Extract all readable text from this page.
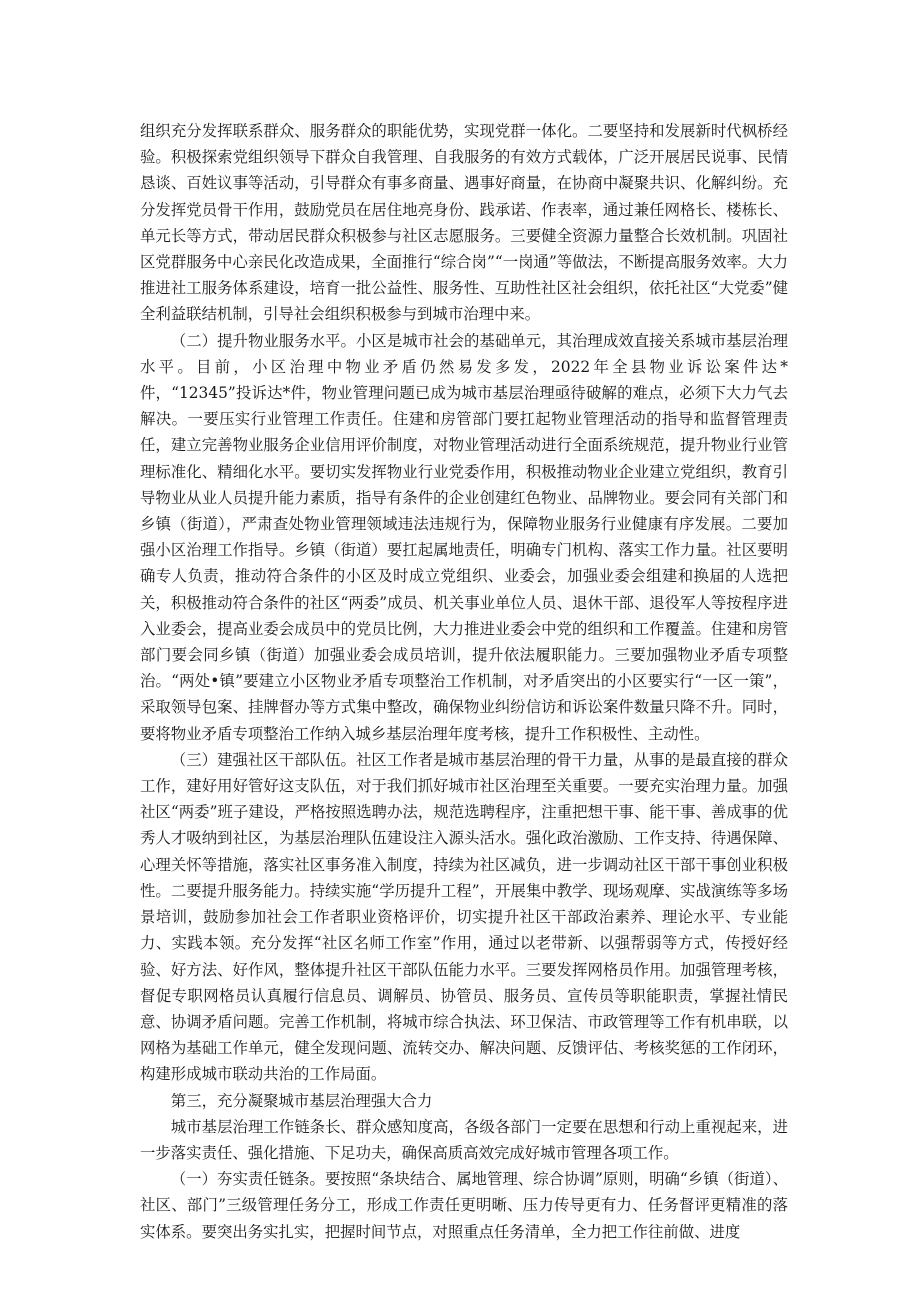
组织充分发挥联系群众、服务群众的职能优势，实现党群一体化。二要坚持和发展新时代枫桥经验。积极探索党组织领导下群众自我管理、自我服务的有效方式载体，广泛开展居民说事、民情恳谈、百姓议事等活动，引导群众有事多商量、遇事好商量，在协商中凝聚共识、化解纠纷。充分发挥党员骨干作用，鼓励党员在居住地亮身份、践承诺、作表率，通过兼任网格长、楼栋长、单元长等方式，带动居民群众积极参与社区志愿服务。三要健全资源力量整合长效机制。巩固社区党群服务中心亲民化改造成果，全面推行“综合岗”“一岗通”等做法，不断提高服务效率。大力推进社工服务体系建设，培育一批公益性、服务性、互助性社区社会组织，依托社区“大党委”健全利益联结机制，引导社会组织积极参与到城市治理中来。

（二）提升物业服务水平。小区是城市社会的基础单元，其治理成效直接关系城市基层治理水平。目前，小区治理中物业矛盾仍然易发多发，2022年全县物业诉讼案件达*件，“12345”投诉达*件，物业管理问题已成为城市基层治理亟待破解的难点，必须下大力气去解决。一要压实行业管理工作责任。住建和房管部门要扛起物业管理活动的指导和监督管理责任，建立完善物业服务企业信用评价制度，对物业管理活动进行全面系统规范，提升物业行业管理标准化、精细化水平。要切实发挥物业行业党委作用，积极推动物业企业建立党组织，教育引导物业从业人员提升能力素质，指导有条件的企业创建红色物业、品牌物业。要会同有关部门和乡镇（街道），严肃查处物业管理领域违法违规行为，保障物业服务行业健康有序发展。二要加强小区治理工作指导。乡镇（街道）要扛起属地责任，明确专门机构、落实工作力量。社区要明确专人负责，推动符合条件的小区及时成立党组织、业委会，加强业委会组建和换届的人选把关，积极推动符合条件的社区“两委”成员、机关事业单位人员、退休干部、退役军人等按程序进入业委会，提高业委会成员中的党员比例，大力推进业委会中党的组织和工作覆盖。住建和房管部门要会同乡镇（街道）加强业委会成员培训，提升依法履职能力。三要加强物业矛盾专项整治。“两处•镇”要建立小区物业矛盾专项整治工作机制，对矛盾突出的小区要实行“一区一策”，采取领导包案、挂牌督办等方式集中整改，确保物业纠纷信访和诉讼案件数量只降不升。同时，要将物业矛盾专项整治工作纳入城乡基层治理年度考核，提升工作积极性、主动性。

（三）建强社区干部队伍。社区工作者是城市基层治理的骨干力量，从事的是最直接的群众工作，建好用好管好这支队伍，对于我们抓好城市社区治理至关重要。一要充实治理力量。加强社区“两委”班子建设，严格按照选聘办法，规范选聘程序，注重把想干事、能干事、善成事的优秀人才吸纳到社区，为基层治理队伍建设注入源头活水。强化政治激励、工作支持、待遇保障、心理关怀等措施，落实社区事务准入制度，持续为社区减负，进一步调动社区干部干事创业积极性。二要提升服务能力。持续实施“学历提升工程”，开展集中教学、现场观摩、实战演练等多场景培训，鼓励参加社会工作者职业资格评价，切实提升社区干部政治素养、理论水平、专业能力、实践本领。充分发挥“社区名师工作室”作用，通过以老带新、以强帮弱等方式，传授好经验、好方法、好作风，整体提升社区干部队伍能力水平。三要发挥网格员作用。加强管理考核，督促专职网格员认真履行信息员、调解员、协管员、服务员、宣传员等职能职责，掌握社情民意、协调矛盾问题。完善工作机制，将城市综合执法、环卫保洁、市政管理等工作有机串联，以网格为基础工作单元，健全发现问题、流转交办、解决问题、反馈评估、考核奖惩的工作闭环，构建形成城市联动共治的工作局面。

第三，充分凝聚城市基层治理强大合力

城市基层治理工作链条长、群众感知度高，各级各部门一定要在思想和行动上重视起来，进一步落实责任、强化措施、下足功夫，确保高质高效完成好城市管理各项工作。

（一）夯实责任链条。要按照“条块结合、属地管理、综合协调”原则，明确“乡镇（街道）、社区、部门”三级管理任务分工，形成工作责任更明晰、压力传导更有力、任务督评更精准的落实体系。要突出务实扎实，把握时间节点，对照重点任务清单，全力把工作往前做、进度
